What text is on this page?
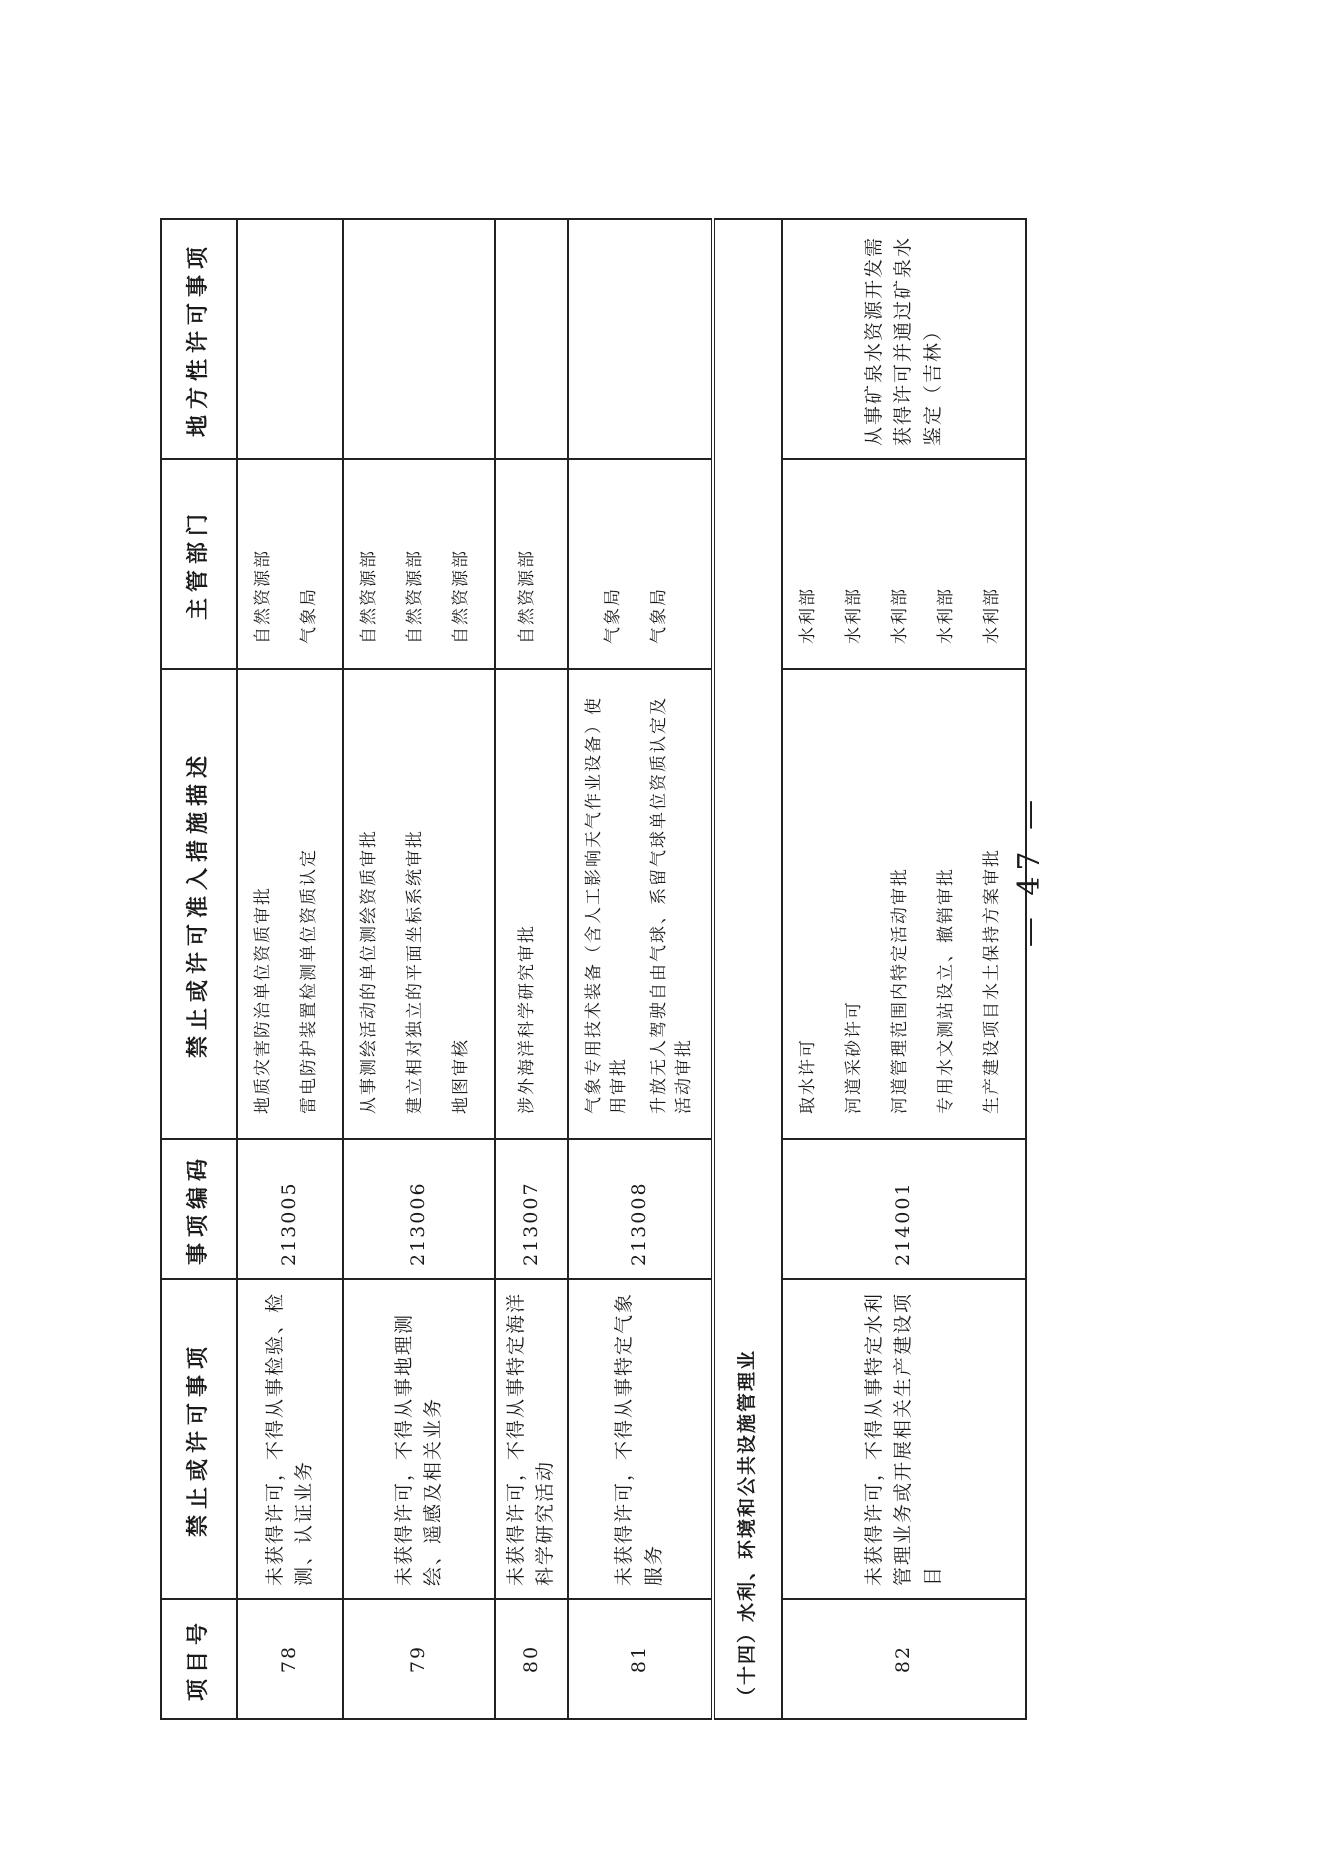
项目号	禁止或许可事项	事项编码	禁止或许可准入措施描述	主管部门	地方性许可事项
78	未获得许可，不得从事检验、检测、认证业务	213005	地质灾害防治单位资质审批 雷电防护装置检测单位资质认定	自然资源部 气象局	

79	未获得许可，不得从事地理测绘、遥感及相关业务	213006	从事测绘活动的单位测绘资质审批 建立相对独立的平面坐标系统审批 地图审核	自然资源部 自然资源部 自然资源部	

80	未获得许可，不得从事特定海洋科学研究活动	213007	涉外海洋科学研究审批	自然资源部	

81	未获得许可，不得从事特定气象服务	213008	气象专用技术装备（含人工影响天气作业设备）使用审批 升放无人驾驶自由气球、系留气球单位资质认定及活动审批	气象局 气象局	

（十四）水利、环境和公共设施管理业					
82	未获得许可，不得从事特定水利管理业务或开展相关生产建设项目	214001	取水许可 河道采砂许可 河道管理范围内特定活动审批 专用水文测站设立、撤销审批 生产建设项目水土保持方案审批	水利部 水利部 水利部 水利部 水利部	从事矿泉水资源开发需获得许可并通过矿泉水鉴定（吉林）
— 47 —
